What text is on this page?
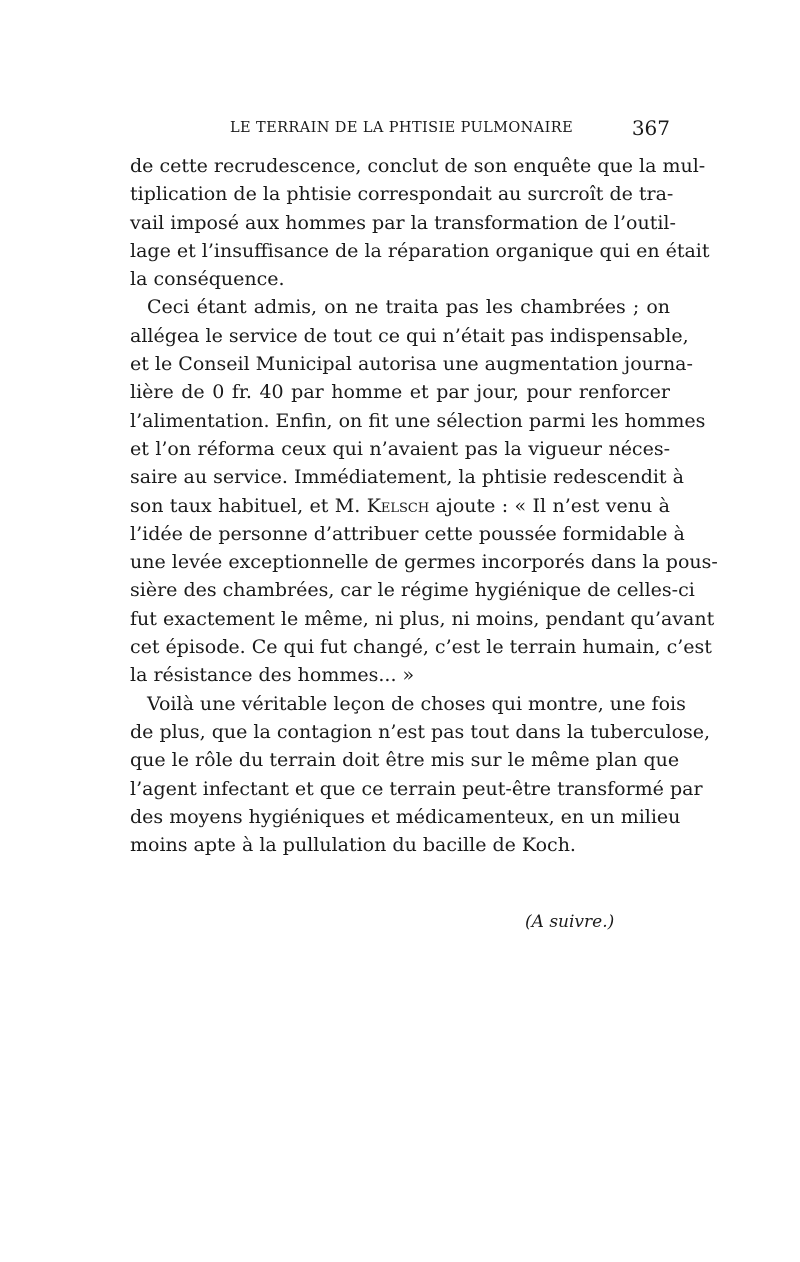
LE TERRAIN DE LA PHTISIE PULMONAIRE	367
de cette recrudescence, conclut de son enquête que la mul-
tiplication de la phtisie correspondait au surcroît de tra-
vail imposé aux hommes par la transformation de l’outil-
lage et l’insuffisance de la réparation organique qui en était
la conséquence.
Ceci étant admis, on ne traita pas les chambrées ; on
allégea le service de tout ce qui n’était pas indispensable,
et le Conseil Municipal autorisa une augmentation journa-
lière de 0 fr. 40 par homme et par jour, pour renforcer
l’alimentation. Enfin, on fit une sélection parmi les hommes
et l’on réforma ceux qui n’avaient pas la vigueur néces-
saire au service. Immédiatement, la phtisie redescendit à
son taux habituel, et M. Kelsch ajoute : « Il n’est venu à
l’idée de personne d’attribuer cette poussée formidable à
une levée exceptionnelle de germes incorporés dans la pous-
sière des chambrées, car le régime hygiénique de celles-ci
fut exactement le même, ni plus, ni moins, pendant qu’avant
cet épisode. Ce qui fut changé, c’est le terrain humain, c’est
la résistance des hommes... »
Voilà une véritable leçon de choses qui montre, une fois
de plus, que la contagion n’est pas tout dans la tuberculose,
que le rôle du terrain doit être mis sur le même plan que
l’agent infectant et que ce terrain peut-être transformé par
des moyens hygiéniques et médicamenteux, en un milieu
moins apte à la pullulation du bacille de Koch.
(A suivre.)
